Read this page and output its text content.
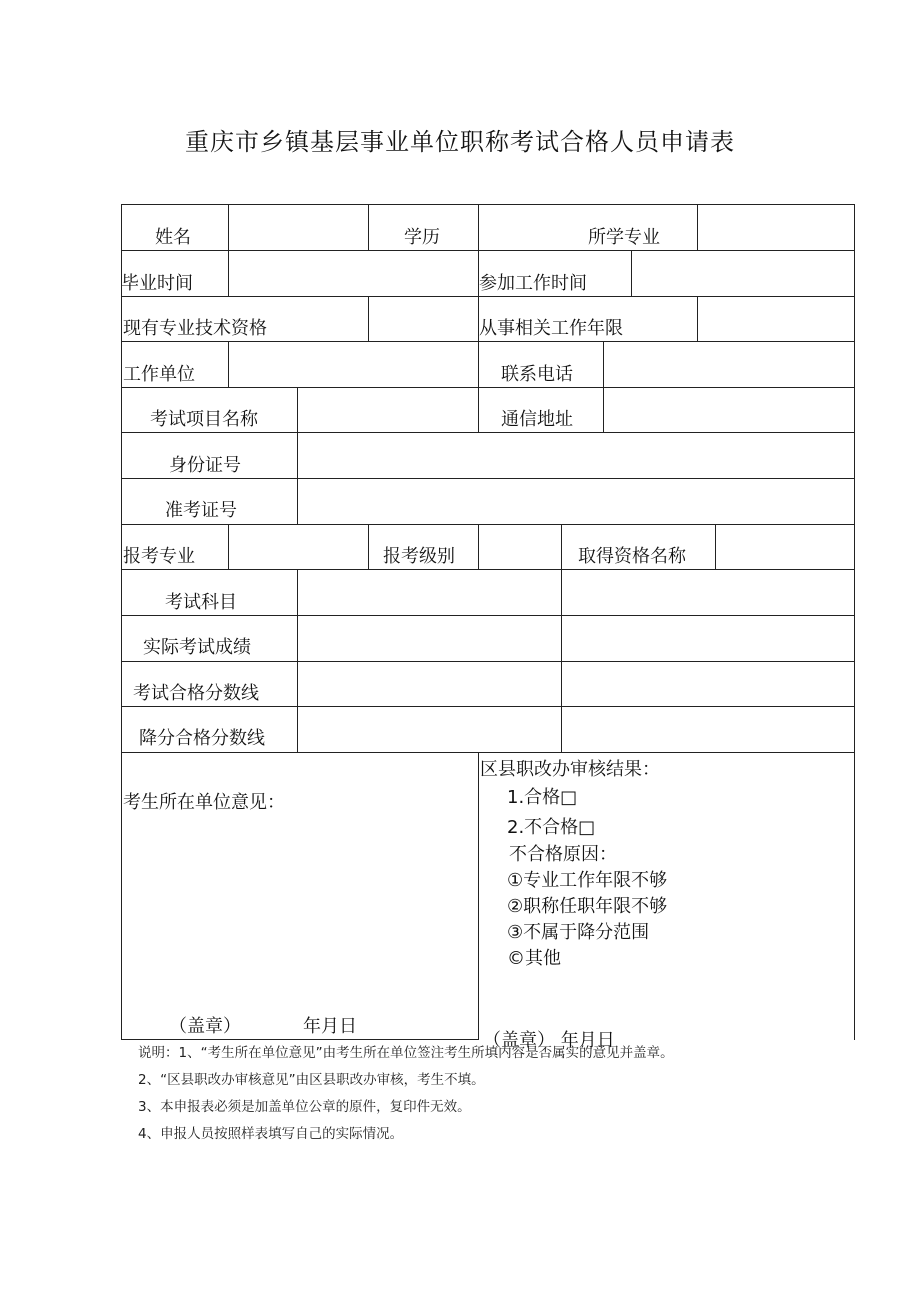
重庆市乡镇基层事业单位职称考试合格人员申请表
姓名	学历	所学专业
毕业时间	参加工作时间
现有专业技术资格	从事相关工作年限
工作单位	联系电话
考试项目名称	通信地址
身份证号
准考证号
报考专业	报考级别	取得资格名称
考试科目
实际考试成绩
考试合格分数线
降分合格分数线
考生所在单位意见：
（盖章）	年月日
区县职改办审核结果：
1.合格□
2.不合格□
不合格原因：
①专业工作年限不够
②职称任职年限不够
③不属于降分范围
©其他
（盖章） 年月日
说明：1、“考生所在单位意见”由考生所在单位签注考生所填内容是否属实的意见并盖章。
2、“区县职改办审核意见”由区县职改办审核，考生不填。
3、本申报表必须是加盖单位公章的原件，复印件无效。
4、申报人员按照样表填写自己的实际情况。
